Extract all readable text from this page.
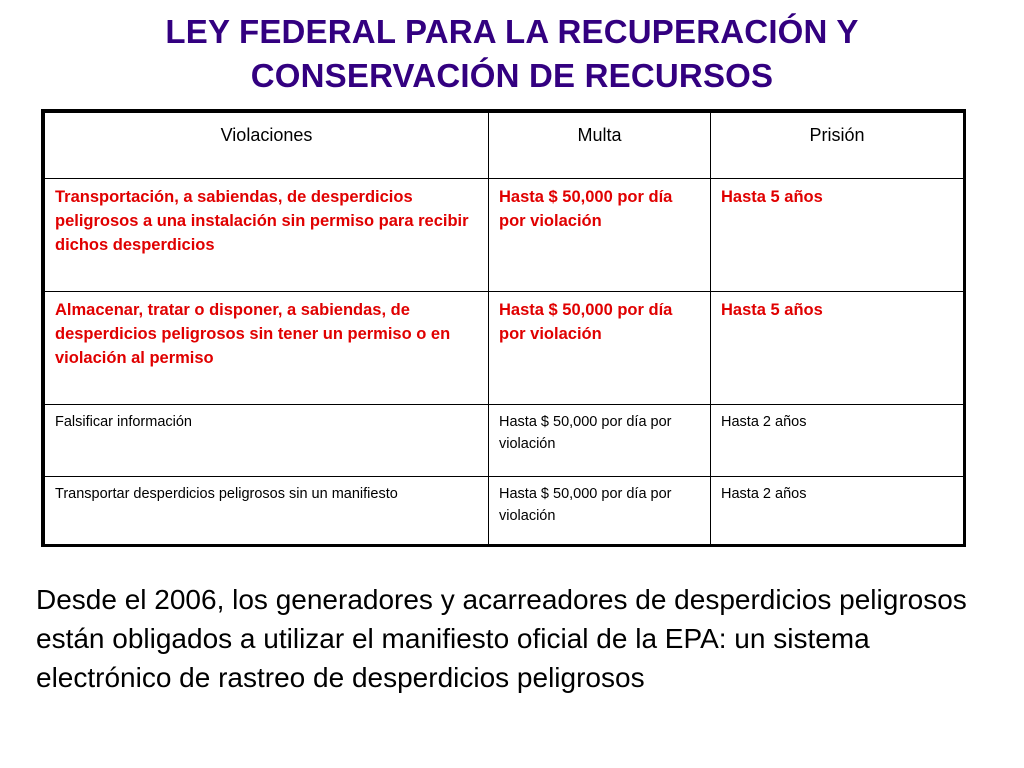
LEY FEDERAL PARA LA RECUPERACIÓN Y
CONSERVACIÓN DE RECURSOS
Violaciones	Multa	Prisión
Transportación, a sabiendas, de desperdicios peligrosos a una instalación sin permiso para recibir dichos desperdicios	Hasta $ 50,000 por día por violación	Hasta 5 años
Almacenar, tratar o disponer, a sabiendas, de desperdicios peligrosos sin tener un permiso o en violación al permiso	Hasta $ 50,000 por día por violación	Hasta 5 años
Falsificar información	Hasta $ 50,000 por día por violación	Hasta 2 años
Transportar desperdicios peligrosos sin un manifiesto	Hasta $ 50,000 por día por violación	Hasta 2 años

Desde el 2006, los generadores y acarreadores de desperdicios peligrosos están obligados a utilizar el manifiesto oficial de la EPA: un sistema electrónico de rastreo de desperdicios peligrosos
